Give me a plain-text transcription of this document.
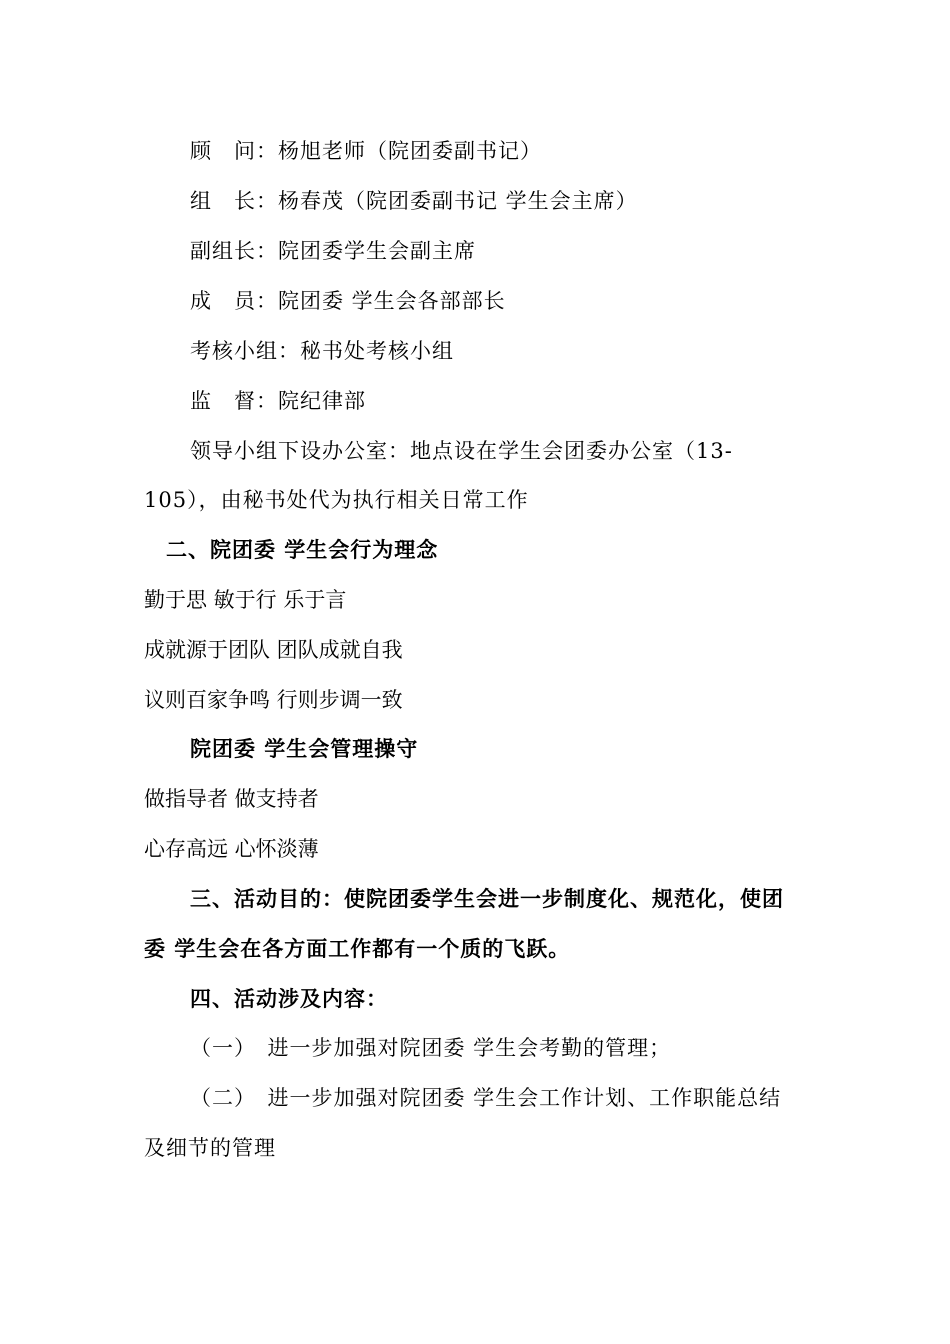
顾　问：杨旭老师（院团委副书记）
组　长：杨春茂（院团委副书记 学生会主席）
副组长：院团委学生会副主席
成　员：院团委 学生会各部部长
考核小组：秘书处考核小组
监　督：院纪律部
领导小组下设办公室：地点设在学生会团委办公室（13-
105），由秘书处代为执行相关日常工作
二、院团委 学生会行为理念
勤于思 敏于行 乐于言
成就源于团队 团队成就自我
议则百家争鸣 行则步调一致
院团委 学生会管理操守
做指导者 做支持者
心存高远 心怀淡薄
三、活动目的：使院团委学生会进一步制度化、规范化，使团
委 学生会在各方面工作都有一个质的飞跃。
四、活动涉及内容：
（一）　进一步加强对院团委 学生会考勤的管理；
（二）　进一步加强对院团委 学生会工作计划、工作职能总结
及细节的管理
